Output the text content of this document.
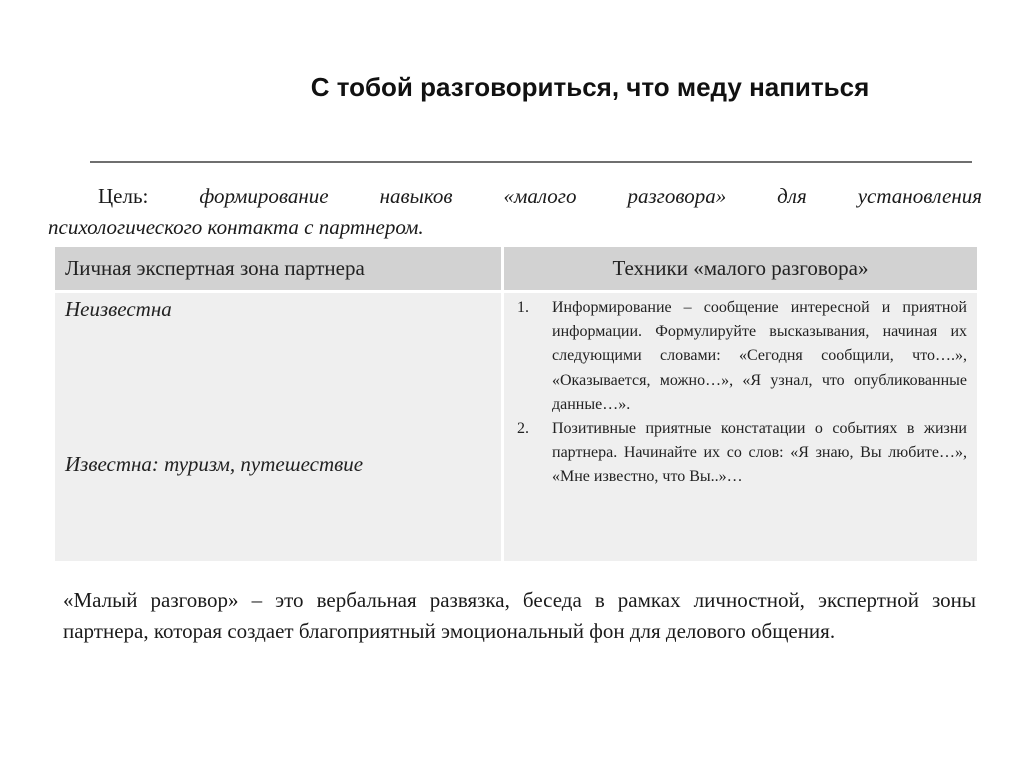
С тобой разговориться, что меду напиться
Цель: формирование навыков «малого разговора» для установления
психологического контакта с партнером.
Личная экспертная зона партнера	Техники «малого разговора»
Неизвестна
Известна: туризм, путешествие
1. Информирование – сообщение интересной и приятной информации. Формулируйте высказывания, начиная их следующими словами: «Сегодня сообщили, что….», «Оказывается, можно…», «Я узнал, что опубликованные данные…».
2. Позитивные приятные констатации о событиях в жизни партнера. Начинайте их со слов: «Я знаю, Вы любите…», «Мне известно, что Вы..»…
«Малый разговор» – это вербальная развязка, беседа в рамках личностной, экспертной зоны партнера, которая создает благоприятный эмоциональный фон для делового общения.
